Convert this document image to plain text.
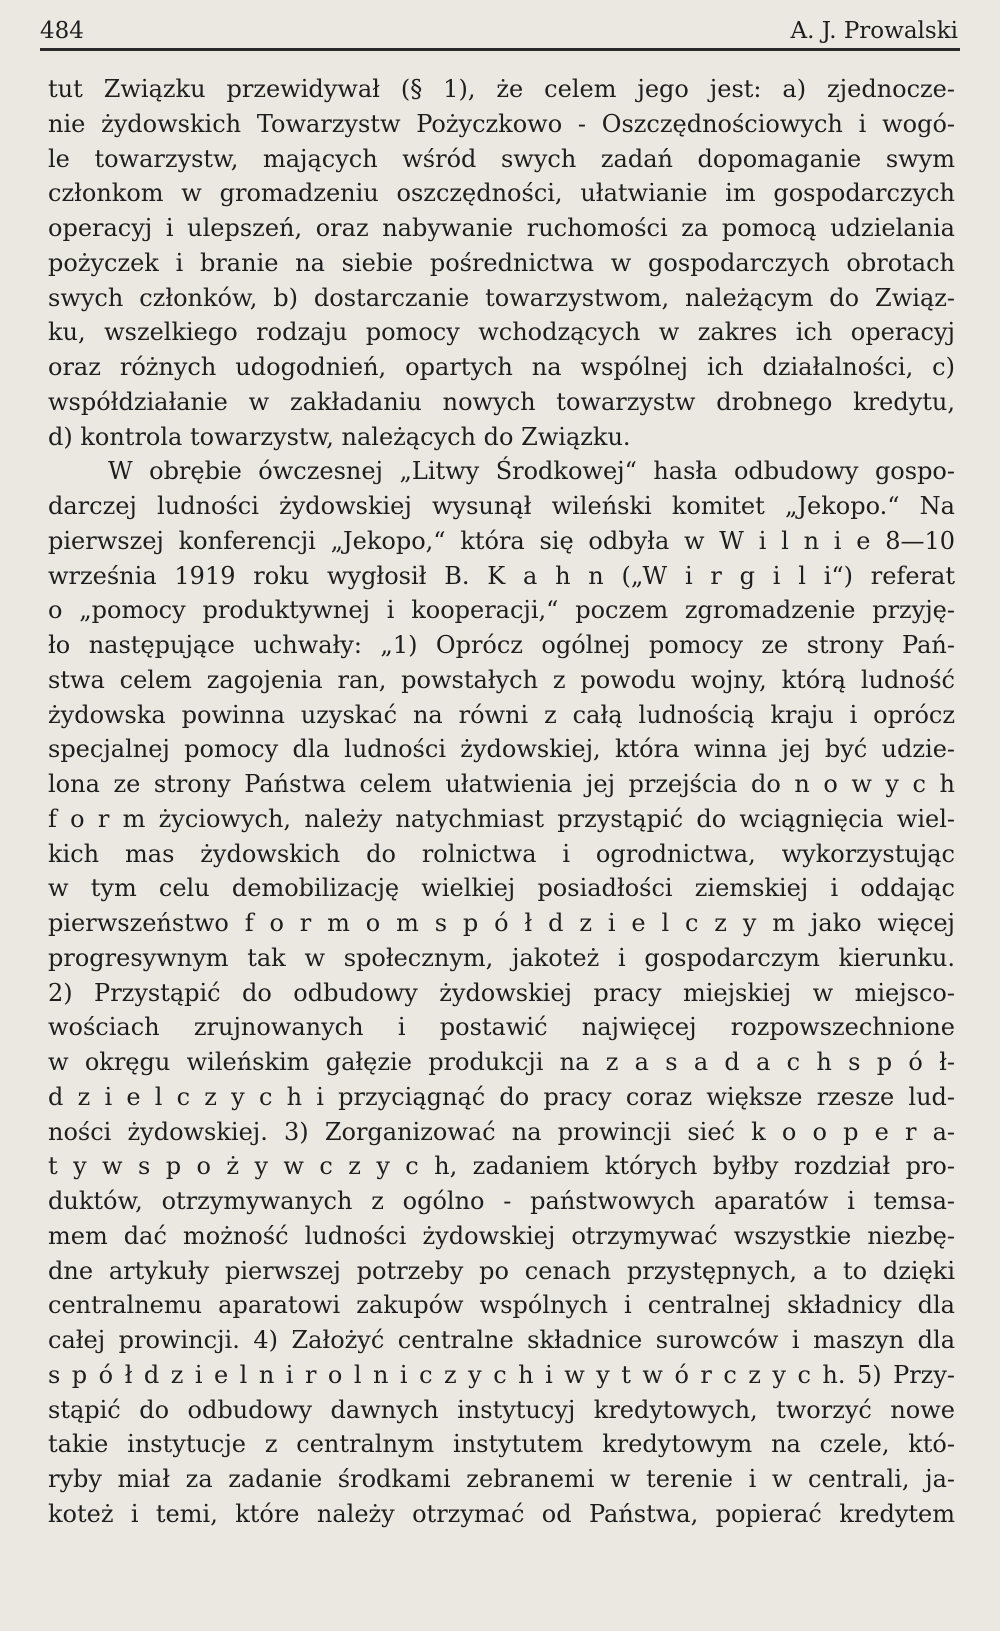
484	A. J. Prowalski
tut Związku przewidywał (§ 1), że celem jego jest: a) zjednocze-
nie żydowskich Towarzystw Pożyczkowo - Oszczędnościowych i wogó-
le towarzystw, mających wśród swych zadań dopomaganie swym
członkom w gromadzeniu oszczędności, ułatwianie im gospodarczych
operacyj i ulepszeń, oraz nabywanie ruchomości za pomocą udzielania
pożyczek i branie na siebie pośrednictwa w gospodarczych obrotach
swych członków, b) dostarczanie towarzystwom, należącym do Związ-
ku, wszelkiego rodzaju pomocy wchodzących w zakres ich operacyj
oraz różnych udogodnień, opartych na wspólnej ich działalności, c)
współdziałanie w zakładaniu nowych towarzystw drobnego kredytu,
d) kontrola towarzystw, należących do Związku.
W obrębie ówczesnej „Litwy Środkowej“ hasła odbudowy gospo-
darczej ludności żydowskiej wysunął wileński komitet „Jekopo.“ Na
pierwszej konferencji „Jekopo,“ która się odbyła w W i l n i e 8—10
września 1919 roku wygłosił B. K a h n („W i r g i l i“) referat
o „pomocy produktywnej i kooperacji,“ poczem zgromadzenie przyję-
ło następujące uchwały: „1) Oprócz ogólnej pomocy ze strony Pań-
stwa celem zagojenia ran, powstałych z powodu wojny, którą ludność
żydowska powinna uzyskać na równi z całą ludnością kraju i oprócz
specjalnej pomocy dla ludności żydowskiej, która winna jej być udzie-
lona ze strony Państwa celem ułatwienia jej przejścia do n o w y c h
f o r m życiowych, należy natychmiast przystąpić do wciągnięcia wiel-
kich mas żydowskich do rolnictwa i ogrodnictwa, wykorzystując
w tym celu demobilizację wielkiej posiadłości ziemskiej i oddając
pierwszeństwo f o r m o m s p ó ł d z i e l c z y m jako więcej
progresywnym tak w społecznym, jakoteż i gospodarczym kierunku.
2) Przystąpić do odbudowy żydowskiej pracy miejskiej w miejsco-
wościach zrujnowanych i postawić najwięcej rozpowszechnione
w okręgu wileńskim gałęzie produkcji na z a s a d a c h s p ó ł-
d z i e l c z y c h i przyciągnąć do pracy coraz większe rzesze lud-
ności żydowskiej. 3) Zorganizować na prowincji sieć k o o p e r a-
t y w s p o ż y w c z y c h, zadaniem których byłby rozdział pro-
duktów, otrzymywanych z ogólno - państwowych aparatów i temsa-
mem dać możność ludności żydowskiej otrzymywać wszystkie niezbę-
dne artykuły pierwszej potrzeby po cenach przystępnych, a to dzięki
centralnemu aparatowi zakupów wspólnych i centralnej składnicy dla
całej prowincji. 4) Założyć centralne składnice surowców i maszyn dla
s p ó ł d z i e l n i r o l n i c z y c h i w y t w ó r c z y c h. 5) Przy-
stąpić do odbudowy dawnych instytucyj kredytowych, tworzyć nowe
takie instytucje z centralnym instytutem kredytowym na czele, któ-
ryby miał za zadanie środkami zebranemi w terenie i w centrali, ja-
koteż i temi, które należy otrzymać od Państwa, popierać kredytem
